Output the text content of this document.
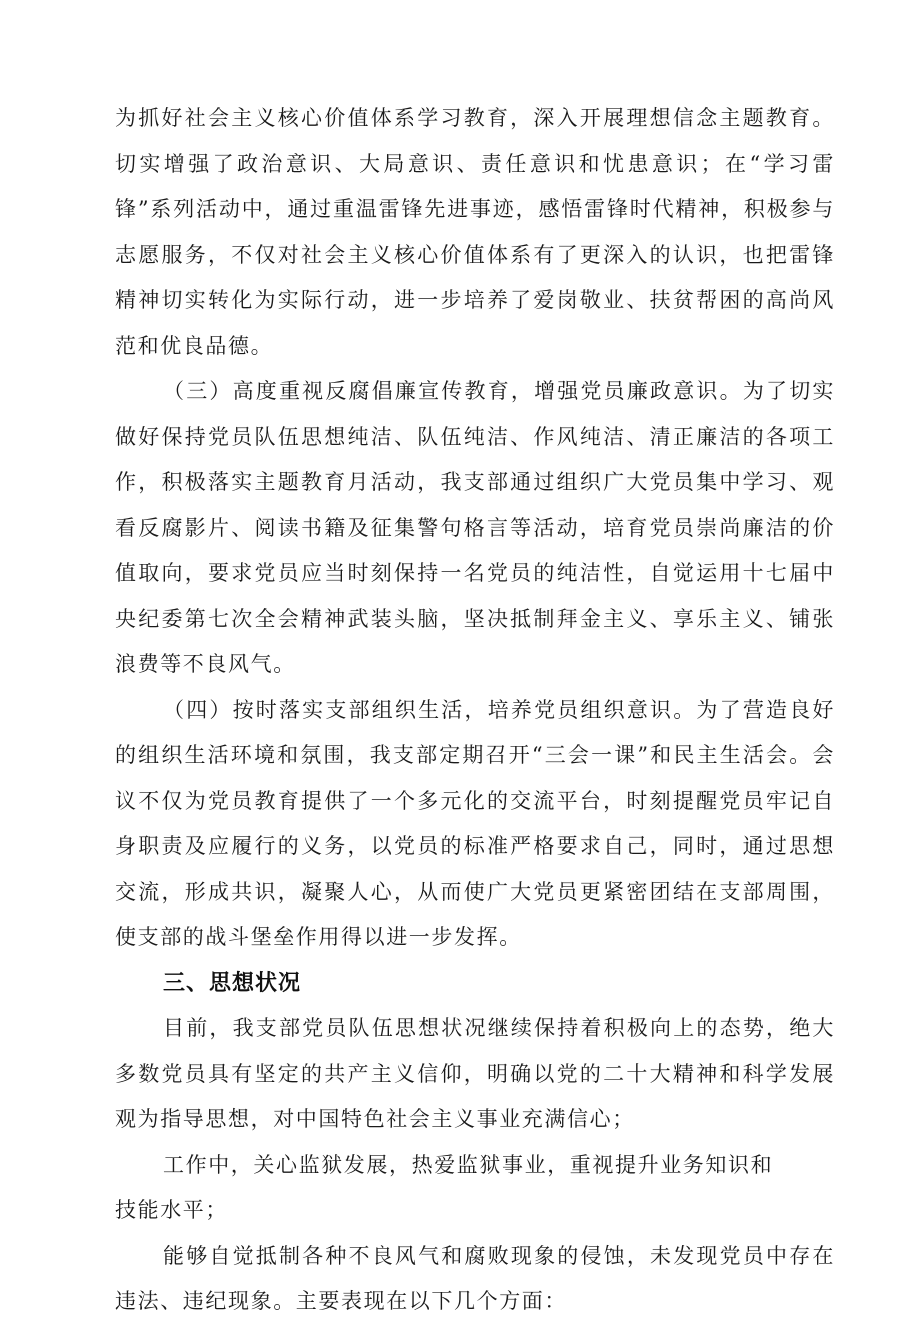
为抓好社会主义核心价值体系学习教育，深入开展理想信念主题教育。切实增强了政治意识、大局意识、责任意识和忧患意识；在“学习雷锋”系列活动中，通过重温雷锋先进事迹，感悟雷锋时代精神，积极参与志愿服务，不仅对社会主义核心价值体系有了更深入的认识，也把雷锋精神切实转化为实际行动，进一步培养了爱岗敬业、扶贫帮困的高尚风范和优良品德。

（三）高度重视反腐倡廉宣传教育，增强党员廉政意识。为了切实做好保持党员队伍思想纯洁、队伍纯洁、作风纯洁、清正廉洁的各项工作，积极落实主题教育月活动，我支部通过组织广大党员集中学习、观看反腐影片、阅读书籍及征集警句格言等活动，培育党员崇尚廉洁的价值取向，要求党员应当时刻保持一名党员的纯洁性，自觉运用十七届中央纪委第七次全会精神武装头脑，坚决抵制拜金主义、享乐主义、铺张浪费等不良风气。

（四）按时落实支部组织生活，培养党员组织意识。为了营造良好的组织生活环境和氛围，我支部定期召开“三会一课”和民主生活会。会议不仅为党员教育提供了一个多元化的交流平台，时刻提醒党员牢记自身职责及应履行的义务，以党员的标准严格要求自己，同时，通过思想交流，形成共识，凝聚人心，从而使广大党员更紧密团结在支部周围，使支部的战斗堡垒作用得以进一步发挥。

三、思想状况

目前，我支部党员队伍思想状况继续保持着积极向上的态势，绝大多数党员具有坚定的共产主义信仰，明确以党的二十大精神和科学发展观为指导思想，对中国特色社会主义事业充满信心；

工作中，关心监狱发展，热爱监狱事业，重视提升业务知识和

技能水平；

能够自觉抵制各种不良风气和腐败现象的侵蚀，未发现党员中存在违法、违纪现象。主要表现在以下几个方面：
